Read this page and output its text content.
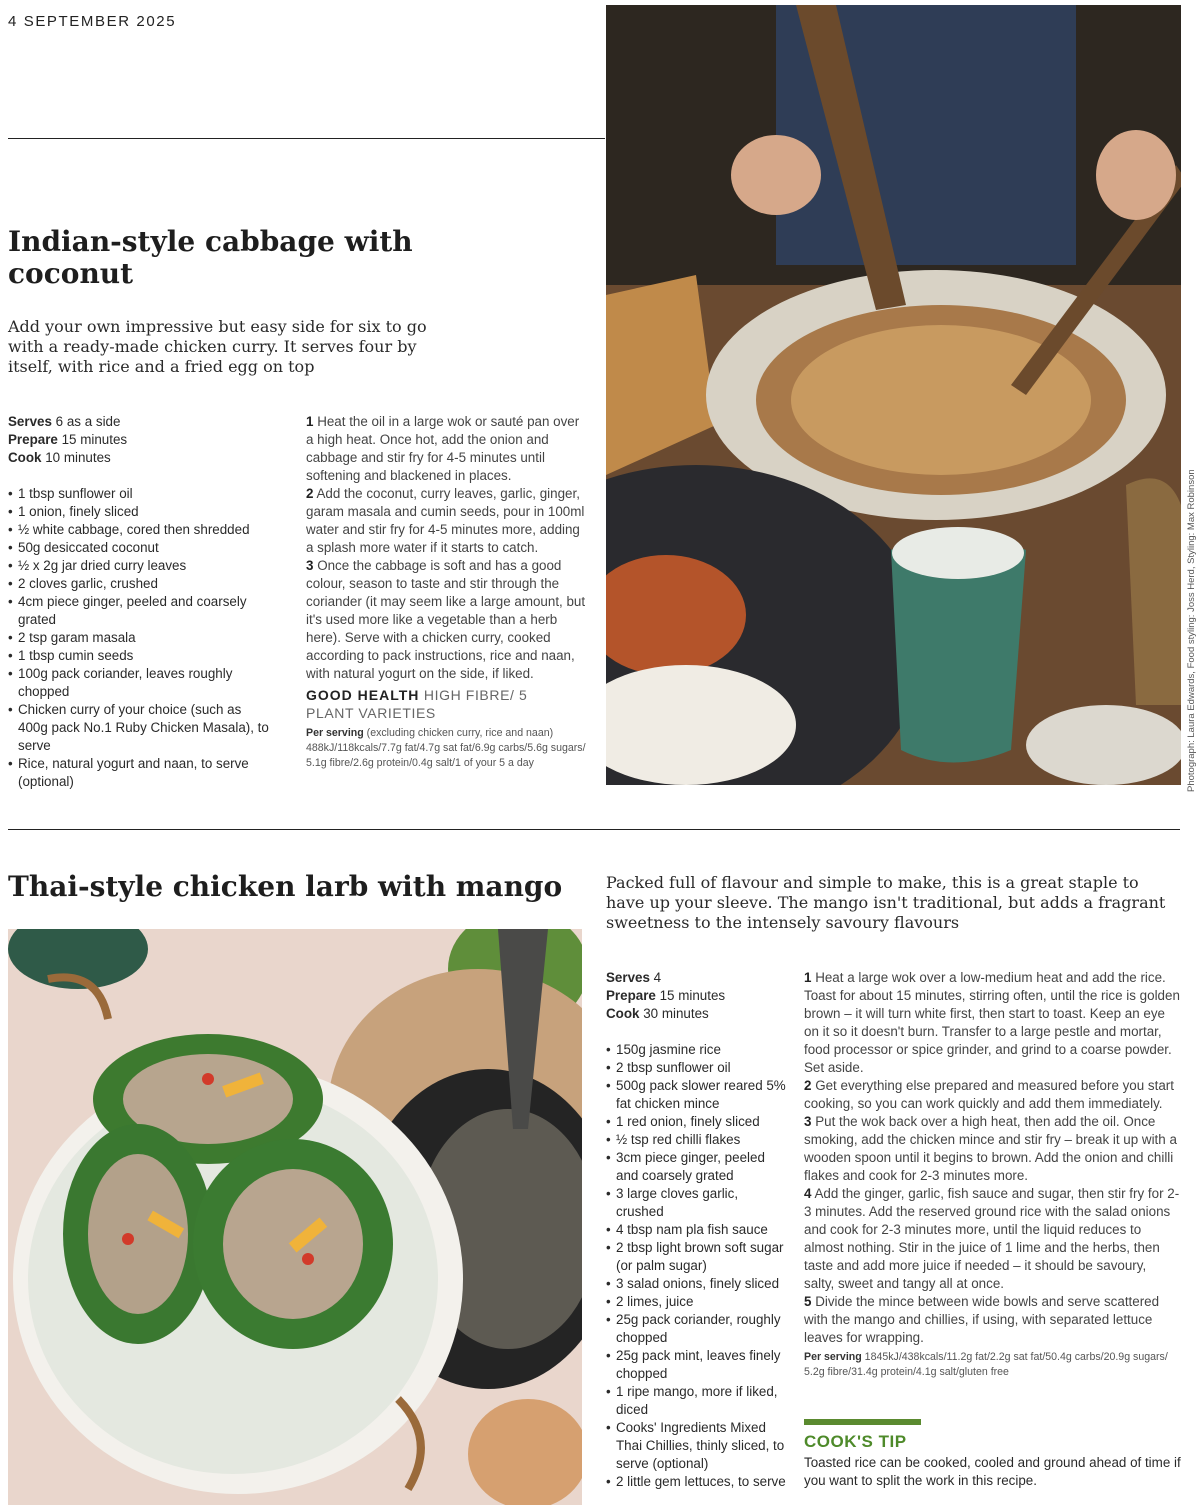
4 SEPTEMBER 2025
Indian-style cabbage with coconut
Add your own impressive but easy side for six to go with a ready-made chicken curry. It serves four by itself, with rice and a fried egg on top
Serves 6 as a side
Prepare 15 minutes
Cook 10 minutes
• 1 tbsp sunflower oil
• 1 onion, finely sliced
• ½ white cabbage, cored then shredded
• 50g desiccated coconut
• ½ x 2g jar dried curry leaves
• 2 cloves garlic, crushed
• 4cm piece ginger, peeled and coarsely grated
• 2 tsp garam masala
• 1 tbsp cumin seeds
• 100g pack coriander, leaves roughly chopped
• Chicken curry of your choice (such as 400g pack No.1 Ruby Chicken Masala), to serve
• Rice, natural yogurt and naan, to serve (optional)

1 Heat the oil in a large wok or sauté pan over a high heat. Once hot, add the onion and cabbage and stir fry for 4-5 minutes until softening and blackened in places.

2 Add the coconut, curry leaves, garlic, ginger, garam masala and cumin seeds, pour in 100ml water and stir fry for 4-5 minutes more, adding a splash more water if it starts to catch.

3 Once the cabbage is soft and has a good colour, season to taste and stir through the coriander (it may seem like a large amount, but it's used more like a vegetable than a herb here). Serve with a chicken curry, cooked according to pack instructions, rice and naan, with natural yogurt on the side, if liked.

GOOD HEALTH HIGH FIBRE/ 5 PLANT VARIETIES
Per serving (excluding chicken curry, rice and naan) 488kJ/118kcals/7.7g fat/4.7g sat fat/6.9g carbs/5.6g sugars/ 5.1g fibre/2.6g protein/0.4g salt/1 of your 5 a day	Photograph: Laura Edwards, Food styling: Joss Herd, Styling: Max Robinson
Thai-style chicken larb with mango	Packed full of flavour and simple to make, this is a great staple to have up your sleeve. The mango isn't traditional, but adds a fragrant sweetness to the intensely savoury flavours
Serves 4
Prepare 15 minutes
Cook 30 minutes
• 150g jasmine rice
• 2 tbsp sunflower oil
• 500g pack slower reared 5% fat chicken mince
• 1 red onion, finely sliced
• ½ tsp red chilli flakes
• 3cm piece ginger, peeled and coarsely grated
• 3 large cloves garlic, crushed
• 4 tbsp nam pla fish sauce
• 2 tbsp light brown soft sugar (or palm sugar)
• 3 salad onions, finely sliced
• 2 limes, juice
• 25g pack coriander, roughly chopped
• 25g pack mint, leaves finely chopped
• 1 ripe mango, more if liked, diced
• Cooks' Ingredients Mixed Thai Chillies, thinly sliced, to serve (optional)
• 2 little gem lettuces, to serve

1 Heat a large wok over a low-medium heat and add the rice. Toast for about 15 minutes, stirring often, until the rice is golden brown – it will turn white first, then start to toast. Keep an eye on it so it doesn't burn. Transfer to a large pestle and mortar, food processor or spice grinder, and grind to a coarse powder. Set aside.

2 Get everything else prepared and measured before you start cooking, so you can work quickly and add them immediately.

3 Put the wok back over a high heat, then add the oil. Once smoking, add the chicken mince and stir fry – break it up with a wooden spoon until it begins to brown. Add the onion and chilli flakes and cook for 2-3 minutes more.

4 Add the ginger, garlic, fish sauce and sugar, then stir fry for 2-3 minutes. Add the reserved ground rice with the salad onions and cook for 2-3 minutes more, until the liquid reduces to almost nothing. Stir in the juice of 1 lime and the herbs, then taste and add more juice if needed – it should be savoury, salty, sweet and tangy all at once.

5 Divide the mince between wide bowls and serve scattered with the mango and chillies, if using, with separated lettuce leaves for wrapping.

Per serving 1845kJ/438kcals/11.2g fat/2.2g sat fat/50.4g carbs/20.9g sugars/ 5.2g fibre/31.4g protein/4.1g salt/gluten free
COOK'S TIP
Toasted rice can be cooked, cooled and ground ahead of time if you want to split the work in this recipe.
